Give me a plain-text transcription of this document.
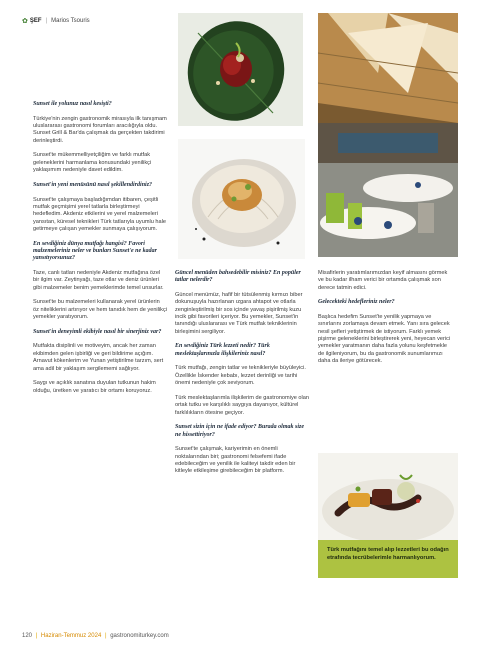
✿ ŞEF | Marios Tsouris
Türk mutfağını temel alıp lezzetleri bu odağın etrafında tecrübelerimle harmanlıyorum.

Sunset ile yolunuz nasıl kesişti?

Türkiye'nin zengin gastronomik mirasıyla ilk tanışmam uluslararası gastronomi forumları aracılığıyla oldu. Sunset Grill & Bar'da çalışmak da gerçekten takdirimi derinleştirdi.

Sunset'te mükemmelliyetçiliğim ve farklı mutfak geleneklerini harmanlama konusundaki yenilikçi yaklaşımım nedeniyle davet edildim.

Sunset'in yeni menüsünü nasıl şekillendirdiniz?

Sunset'te çalışmaya başladığımdan itibaren, çeşitli mutfak geçmişimi yerel tatlarla birleştirmeyi hedefledim. Akdeniz etkilerini ve yerel malzemeleri yansıtan, küresel teknikleri Türk tatlarıyla uyumlu hale getirmeye çalışan yemekler sunmaya çalışıyorum.

En sevdiğiniz dünya mutfağı hangisi? Favori malzemeleriniz neler ve bunları Sunset'e ne kadar yansıtıyorsunuz?

Taze, canlı tatları nedeniyle Akdeniz mutfağına özel bir ilgim var. Zeytinyağı, taze otlar ve deniz ürünleri gibi malzemeler benim yemeklerimde temel unsurlar.

Sunset'te bu malzemeleri kullanarak yerel ürünlerin öz niteliklerini artırıyor ve hem tanıdık hem de yenilikçi yemekler yaratıyorum.

Sunset'in deneyimli ekibiyle nasıl bir sinerjiniz var?

Mutfakta disiplinli ve motiveyim, ancak her zaman ekibimden gelen işbirliği ve geri bildirime açığım. Arnavut kökenlerim ve Yunan yetiştirilme tarzım, sert ama adil bir yaklaşım sergilememi sağlıyor.

Saygı ve açıklık sanatına duyulan tutkunun hakim olduğu, üretken ve yaratıcı bir ortamı koruyoruz.

Güncel menüden bahsedebilir misiniz? En popüler tatlar nelerdir?

Güncel menümüz, hafif bir tütsülenmiş kırmızı biber dokunuşuyla hazırlanan ızgara ahtapot ve otlarla zenginleştirilmiş bir sos içinde yavaş pişirilmiş kuzu incik gibi favorileri içeriyor. Bu yemekler, Sunset'in tanındığı uluslararası ve Türk mutfak tekniklerinin birleşimini sergiliyor.

En sevdiğiniz Türk lezzeti nedir? Türk meslektaşlarınızla ilişkileriniz nasıl?

Türk mutfağı, zengin tatlar ve teknikleriyle büyüleyici. Özellikle İskender kebabı, lezzet derinliği ve tarihi önemi nedeniyle çok seviyorum.

Türk meslektaşlarımla ilişkilerim de gastronomiye olan ortak tutku ve karşılıklı saygıya dayanıyor, kültürel farklılıkların ötesine geçiyor.

Sunset sizin için ne ifade ediyor? Burada olmak size ne hissettiriyor?

Sunset'te çalışmak, kariyerimin en önemli noktalarından biri; gastronomi felsefemi ifade edebileceğim ve yenilik ile kaliteyi takdir eden bir kitleyle etkileşime girebileceğim bir platform.

Misafirlerin yaratımlarımızdan keyif almasını görmek ve bu kadar ilham verici bir ortamda çalışmak son derece tatmin edici.

Gelecekteki hedefleriniz neler?

Başlıca hedefim Sunset'te yenilik yapmaya ve sınırlarını zorlamaya devam etmek. Yanı sıra gelecek nesil şefleri yetiştirmek de istiyorum. Farklı yemek pişirme geleneklerini birleştirerek yeni, heyecan verici yemekler yaratmanın daha fazla yolunu keşfetmekle de ilgileniyorum, bu da gastronomik sunumlarımızı daha da ileriye götürecek.

120 | Haziran-Temmuz 2024 | gastronomiturkey.com
